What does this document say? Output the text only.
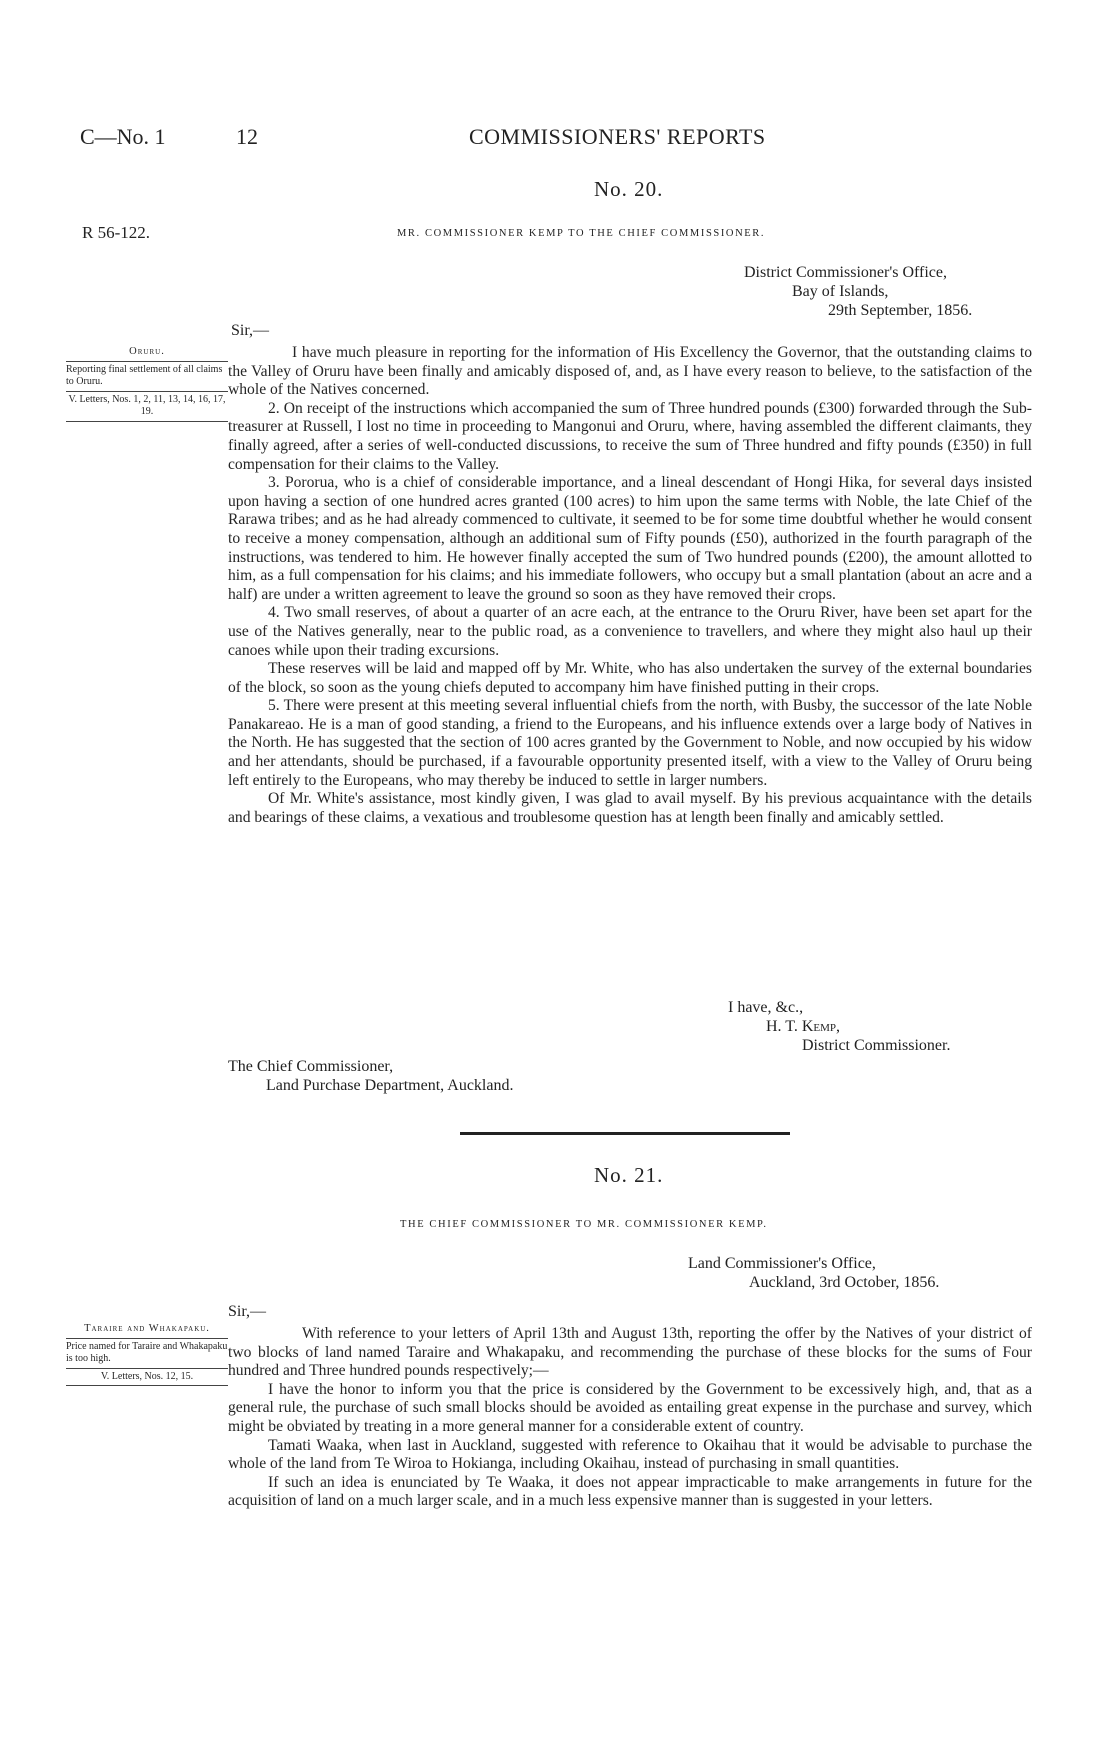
C—No. 1	12	COMMISSIONERS' REPORTS
No. 20.
R 56-122.	MR. COMMISSIONER KEMP TO THE CHIEF COMMISSIONER.
District Commissioner's Office,
Bay of Islands,
29th September, 1856.
Sir,—
Oruru.
Reporting final settlement of all claims to Oruru.
V. Letters, Nos. 1, 2, 11, 13, 14, 16, 17, 19.

I have much pleasure in reporting for the information of His Excellency the Governor, that the outstanding claims to the Valley of Oruru have been finally and amicably disposed of, and, as I have every reason to believe, to the satisfaction of the whole of the Natives concerned.

2. On receipt of the instructions which accompanied the sum of Three hundred pounds (£300) forwarded through the Sub-treasurer at Russell, I lost no time in proceeding to Mangonui and Oruru, where, having assembled the different claimants, they finally agreed, after a series of well-conducted discussions, to receive the sum of Three hundred and fifty pounds (£350) in full compensation for their claims to the Valley.

3. Pororua, who is a chief of considerable importance, and a lineal descendant of Hongi Hika, for several days insisted upon having a section of one hundred acres granted (100 acres) to him upon the same terms with Noble, the late Chief of the Rarawa tribes; and as he had already commenced to cultivate, it seemed to be for some time doubtful whether he would consent to receive a money compensation, although an additional sum of Fifty pounds (£50), authorized in the fourth paragraph of the instructions, was tendered to him. He however finally accepted the sum of Two hundred pounds (£200), the amount allotted to him, as a full compensation for his claims; and his immediate followers, who occupy but a small plantation (about an acre and a half) are under a written agreement to leave the ground so soon as they have removed their crops.

4. Two small reserves, of about a quarter of an acre each, at the entrance to the Oruru River, have been set apart for the use of the Natives generally, near to the public road, as a convenience to travellers, and where they might also haul up their canoes while upon their trading excursions.

These reserves will be laid and mapped off by Mr. White, who has also undertaken the survey of the external boundaries of the block, so soon as the young chiefs deputed to accompany him have finished putting in their crops.

5. There were present at this meeting several influential chiefs from the north, with Busby, the successor of the late Noble Panakareao. He is a man of good standing, a friend to the Europeans, and his influence extends over a large body of Natives in the North. He has suggested that the section of 100 acres granted by the Government to Noble, and now occupied by his widow and her attendants, should be purchased, if a favourable opportunity presented itself, with a view to the Valley of Oruru being left entirely to the Europeans, who may thereby be induced to settle in larger numbers.

Of Mr. White's assistance, most kindly given, I was glad to avail myself. By his previous acquaintance with the details and bearings of these claims, a vexatious and troublesome question has at length been finally and amicably settled.

I have, &c.,
H. T. Kemp,
District Commissioner.
The Chief Commissioner,
Land Purchase Department, Auckland.
No. 21.
THE CHIEF COMMISSIONER TO MR. COMMISSIONER KEMP.
Land Commissioner's Office,
Auckland, 3rd October, 1856.
Sir,—
Taraire and Whakapaku.
Price named for Taraire and Whakapaku is too high.
V. Letters, Nos. 12, 15.

With reference to your letters of April 13th and August 13th, reporting the offer by the Natives of your district of two blocks of land named Taraire and Whakapaku, and recommending the purchase of these blocks for the sums of Four hundred and Three hundred pounds respectively;—

I have the honor to inform you that the price is considered by the Government to be excessively high, and, that as a general rule, the purchase of such small blocks should be avoided as entailing great expense in the purchase and survey, which might be obviated by treating in a more general manner for a considerable extent of country.

Tamati Waaka, when last in Auckland, suggested with reference to Okaihau that it would be advisable to purchase the whole of the land from Te Wiroa to Hokianga, including Okaihau, instead of purchasing in small quantities.

If such an idea is enunciated by Te Waaka, it does not appear impracticable to make arrangements in future for the acquisition of land on a much larger scale, and in a much less expensive manner than is suggested in your letters.
